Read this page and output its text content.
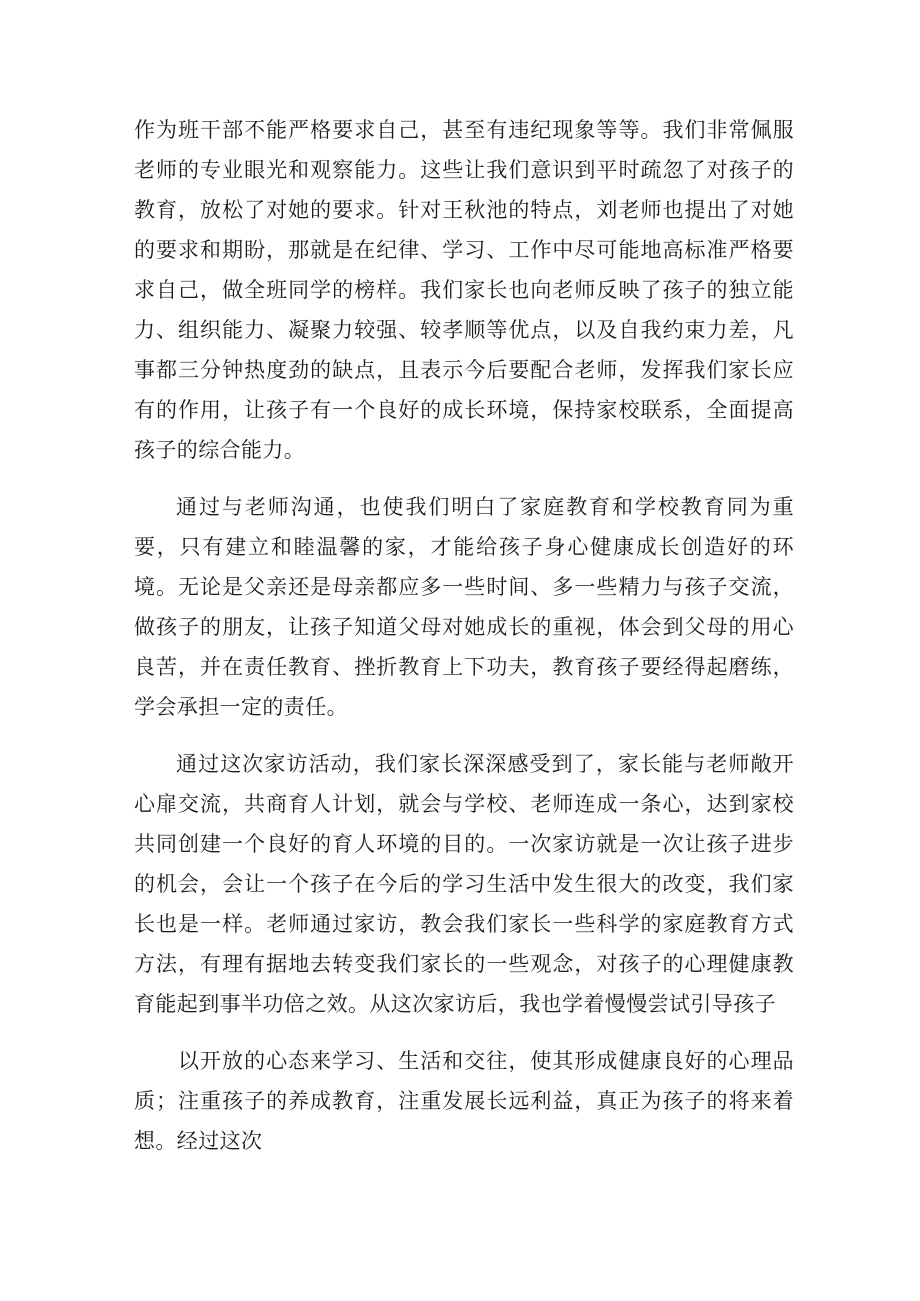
作为班干部不能严格要求自己，甚至有违纪现象等等。我们非常佩服老师的专业眼光和观察能力。这些让我们意识到平时疏忽了对孩子的教育，放松了对她的要求。针对王秋池的特点，刘老师也提出了对她的要求和期盼，那就是在纪律、学习、工作中尽可能地高标准严格要求自己，做全班同学的榜样。我们家长也向老师反映了孩子的独立能力、组织能力、凝聚力较强、较孝顺等优点，以及自我约束力差，凡事都三分钟热度劲的缺点，且表示今后要配合老师，发挥我们家长应有的作用，让孩子有一个良好的成长环境，保持家校联系，全面提高孩子的综合能力。

通过与老师沟通，也使我们明白了家庭教育和学校教育同为重要，只有建立和睦温馨的家，才能给孩子身心健康成长创造好的环境。无论是父亲还是母亲都应多一些时间、多一些精力与孩子交流，做孩子的朋友，让孩子知道父母对她成长的重视，体会到父母的用心良苦，并在责任教育、挫折教育上下功夫，教育孩子要经得起磨练，学会承担一定的责任。

通过这次家访活动，我们家长深深感受到了，家长能与老师敞开心扉交流，共商育人计划，就会与学校、老师连成一条心，达到家校共同创建一个良好的育人环境的目的。一次家访就是一次让孩子进步的机会，会让一个孩子在今后的学习生活中发生很大的改变，我们家长也是一样。老师通过家访，教会我们家长一些科学的家庭教育方式方法，有理有据地去转变我们家长的一些观念，对孩子的心理健康教育能起到事半功倍之效。从这次家访后，我也学着慢慢尝试引导孩子

以开放的心态来学习、生活和交往，使其形成健康良好的心理品质；注重孩子的养成教育，注重发展长远利益，真正为孩子的将来着想。经过这次
